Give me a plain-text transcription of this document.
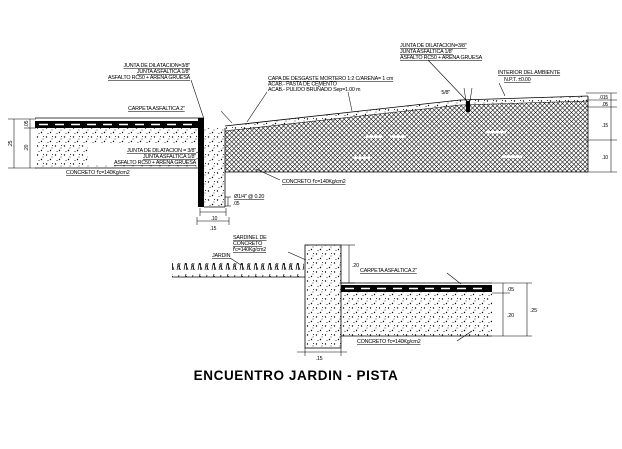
.05
.20
.25
.015
.05
.15
.10
.05
.10
.15
JUNTA DE DILATACION=3/8"
JUNTA ASFALTICA 1/8"
ASFALTO RC50 + ARENA GRUESA
CARPETA ASFALTICA 2"
CAPA DE DESGASTE MORTERO 1:2 C/ARENA= 1 cm
ACAB.- PASTA DE CEMENTO
ACAB.- PULIDO BRUÑADO Sep=1.00 m
JUNTA DE DILATACION=3/8"
JUNTA ASFALTICA 1/8"
ASFALTO RC50 + ARENA GRUESA
5/8"
INTERIOR DEL AMBIENTE
N.P.T. ±0.00
JUNTA DE DILATACION = 3/8"
JUNTA ASFALTICA 1/8"
ASFALTO RC50 + ARENA GRUESA
CONCRETO f'c=140Kg/cm2
CONCRETO f'c=140Kg/cm2
Ø1/4" @ 0.20
.20
.05
.20
.25
.15
SARDINEL DE
CONCRETO
f'c=140Kg/cm2
JARDIN
CARPETA ASFALTICA 2"
CONCRETO f'c=140Kg/cm2
ENCUENTRO JARDIN - PISTA
